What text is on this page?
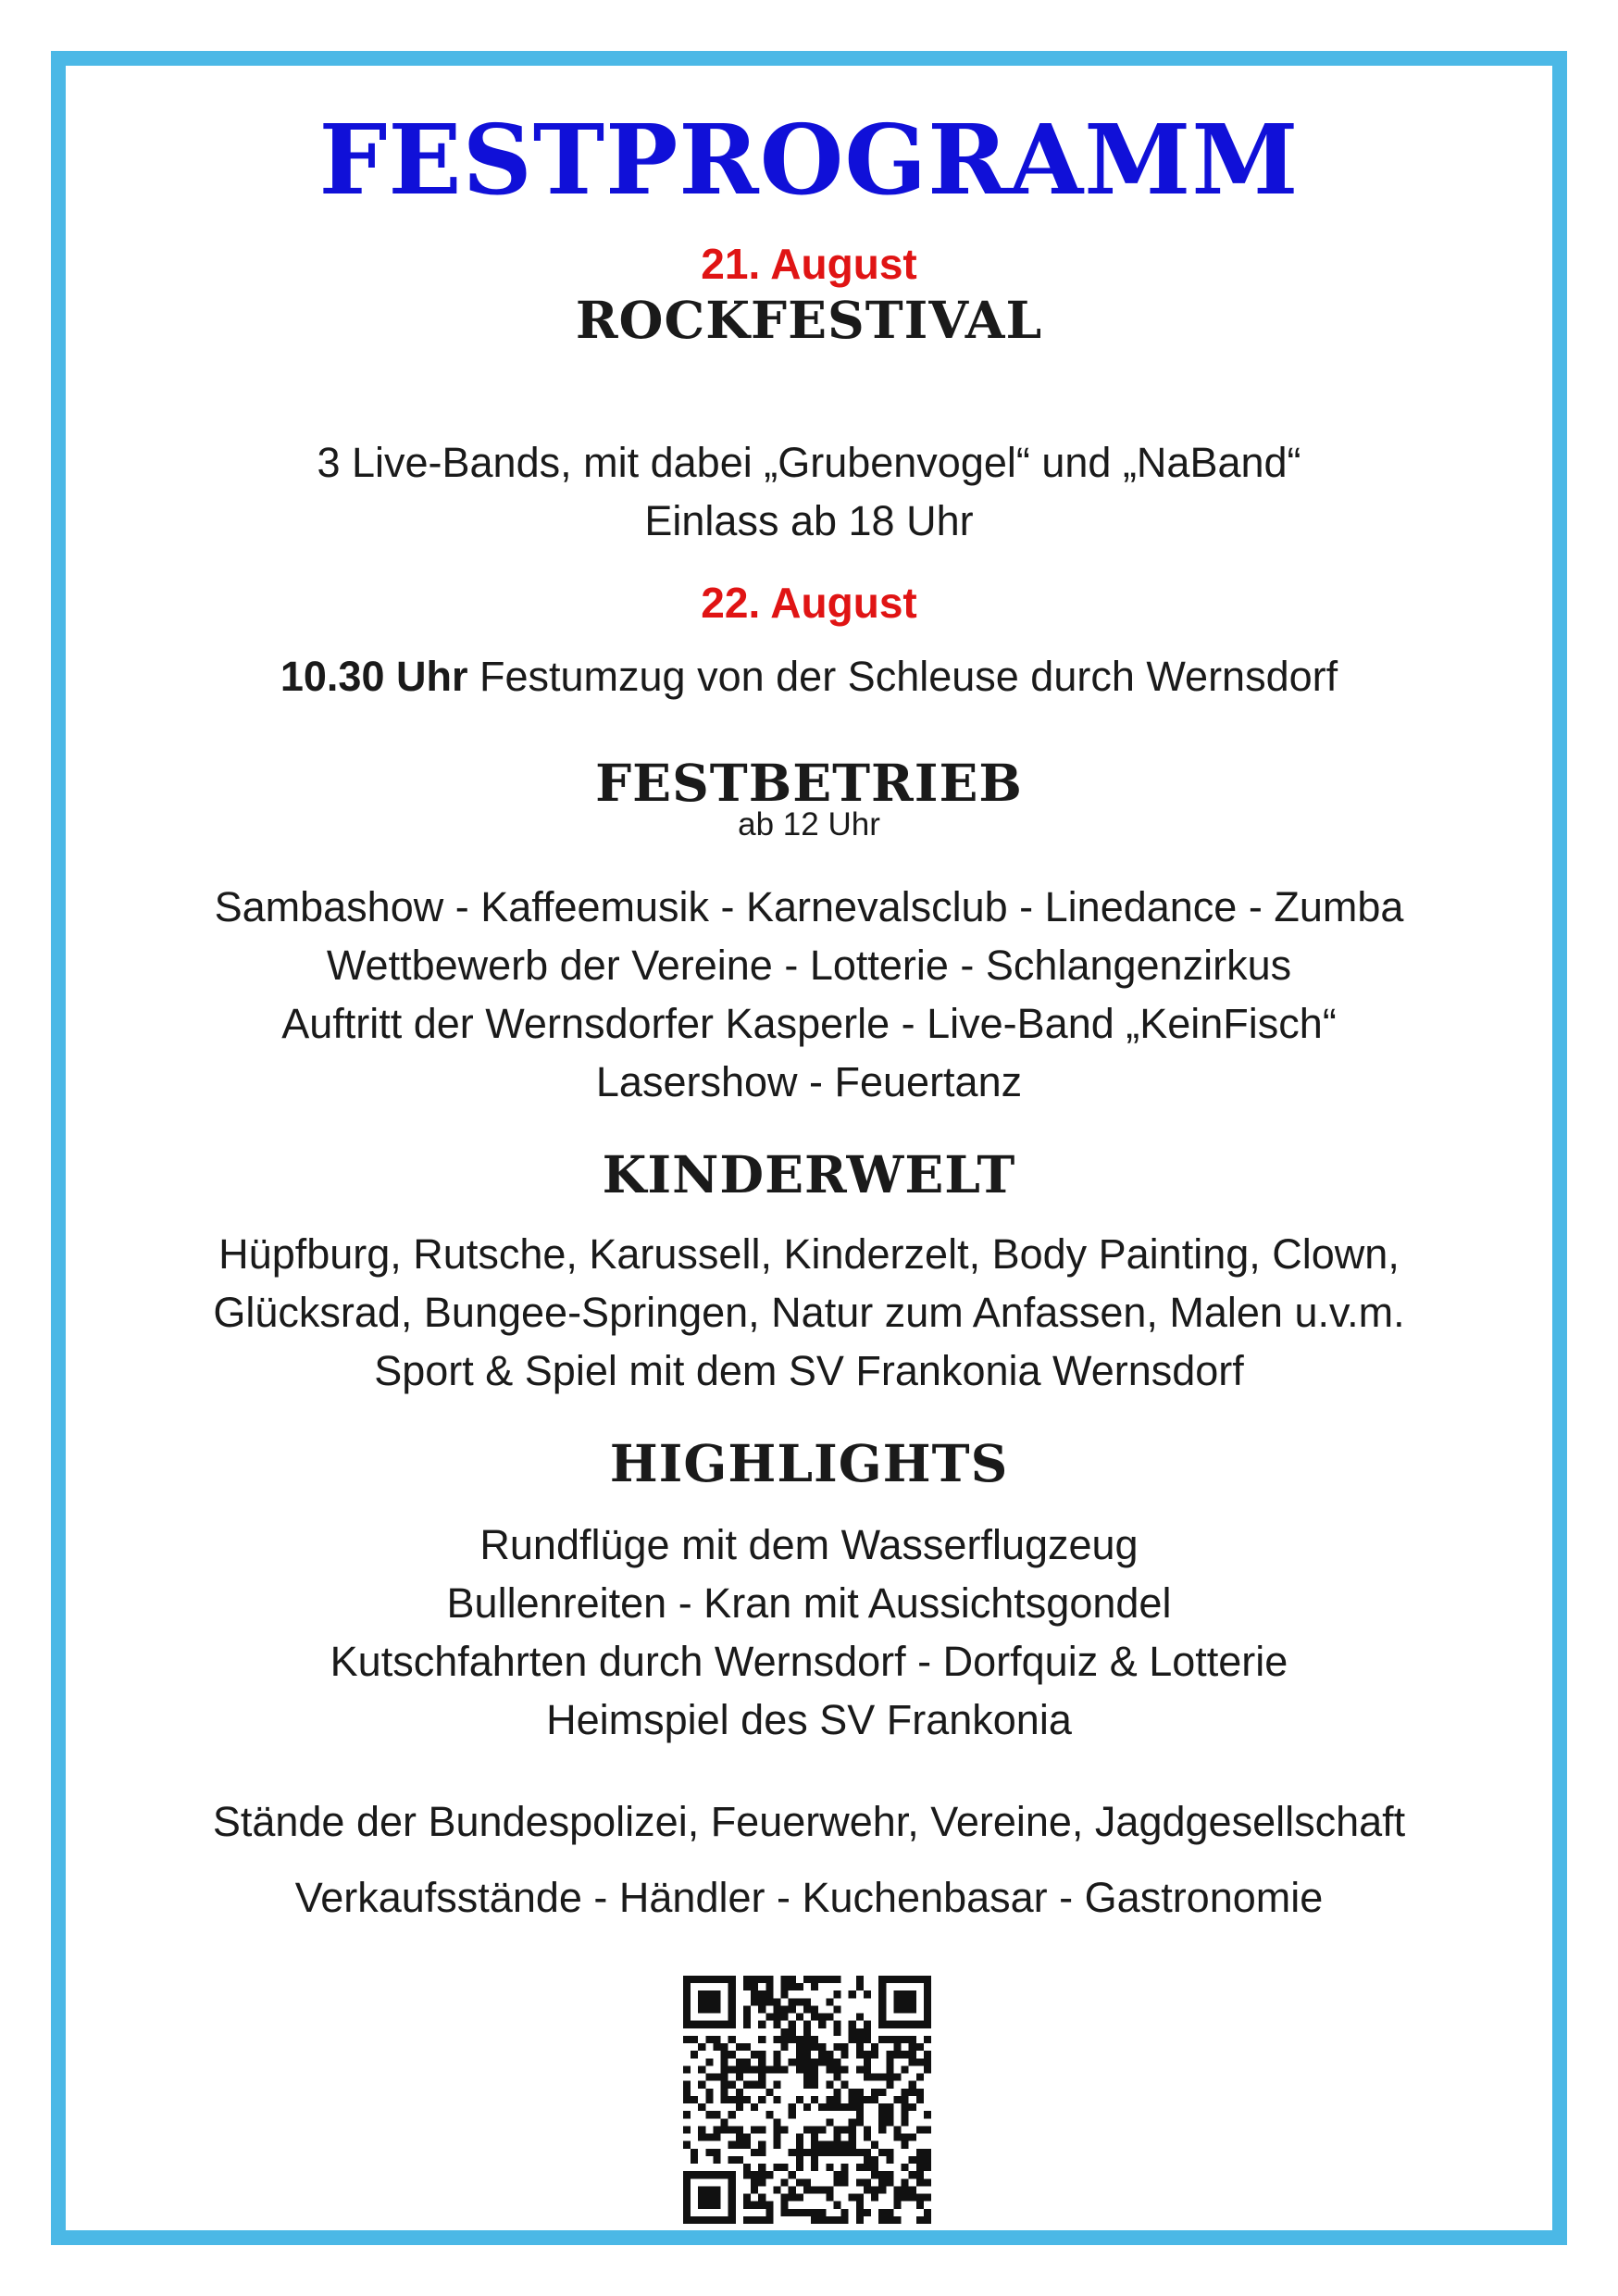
FESTPROGRAMM
21. August
ROCKFESTIVAL
3 Live-Bands, mit dabei „Grubenvogel“ und „NaBand“
Einlass ab 18 Uhr
22. August
10.30 Uhr Festumzug von der Schleuse durch Wernsdorf
FESTBETRIEB
ab 12 Uhr
Sambashow - Kaffeemusik - Karnevalsclub - Linedance - Zumba
Wettbewerb der Vereine - Lotterie - Schlangenzirkus
Auftritt der Wernsdorfer Kasperle - Live-Band „KeinFisch“
Lasershow - Feuertanz
KINDERWELT
Hüpfburg, Rutsche, Karussell, Kinderzelt, Body Painting, Clown,
Glücksrad, Bungee-Springen, Natur zum Anfassen, Malen u.v.m.
Sport & Spiel mit dem SV Frankonia Wernsdorf
HIGHLIGHTS
Rundflüge mit dem Wasserflugzeug
Bullenreiten - Kran mit Aussichtsgondel
Kutschfahrten durch Wernsdorf - Dorfquiz & Lotterie
Heimspiel des SV Frankonia
Stände der Bundespolizei, Feuerwehr, Vereine, Jagdgesellschaft
Verkaufsstände - Händler - Kuchenbasar - Gastronomie
